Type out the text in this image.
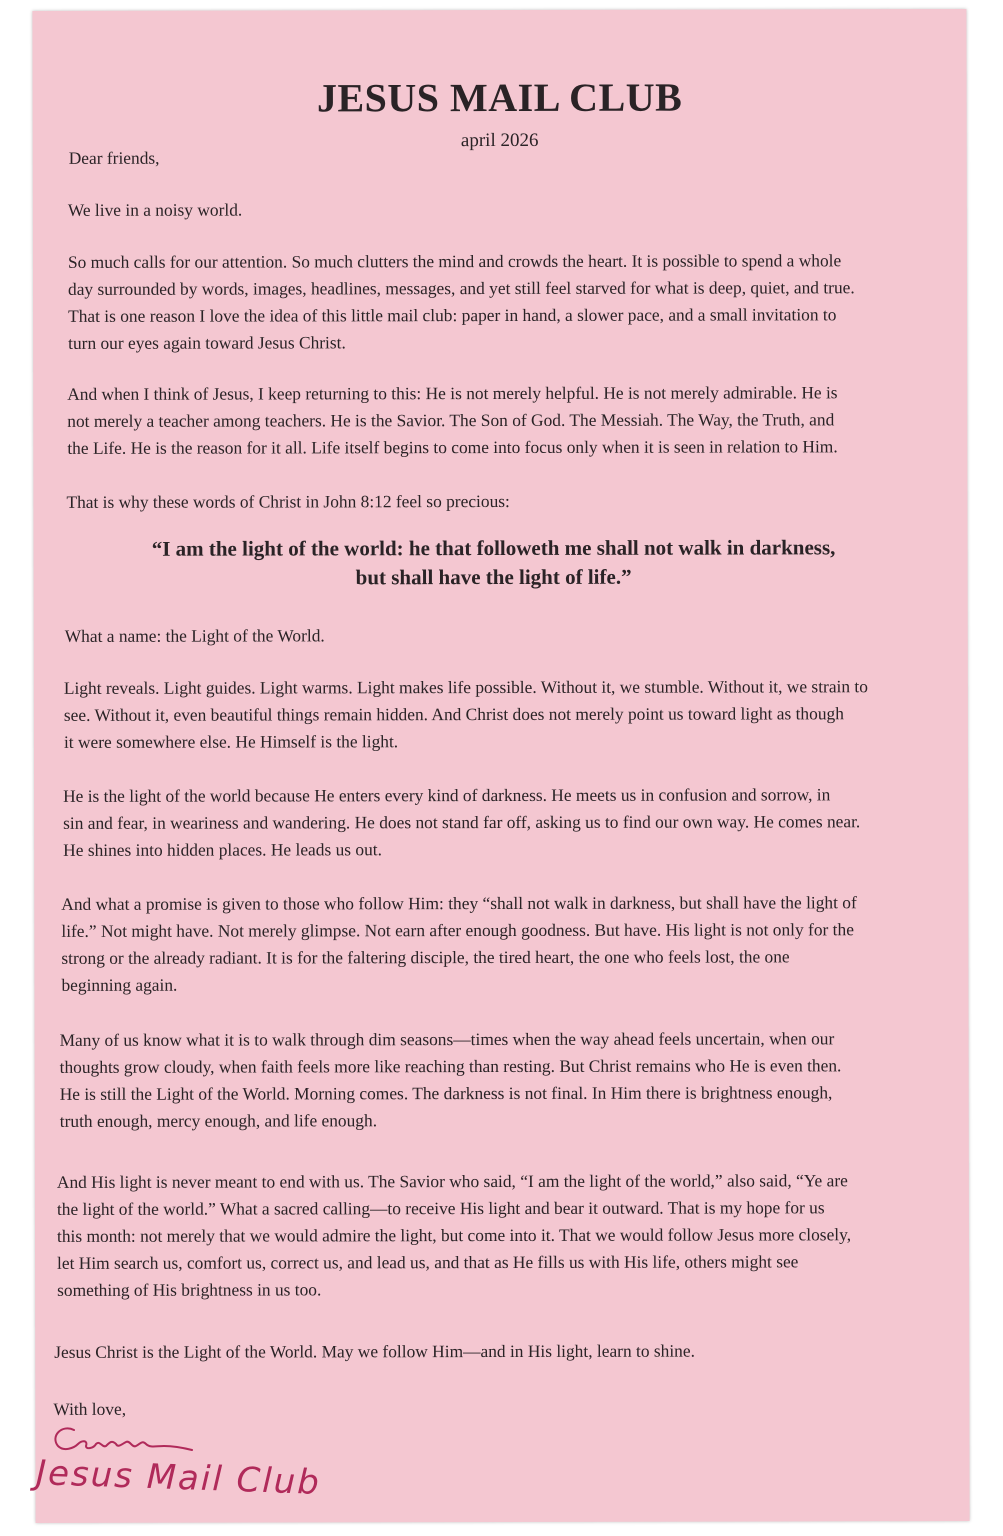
JESUS MAIL CLUB
april 2026

Dear friends,

We live in a noisy world.

So much calls for our attention. So much clutters the mind and crowds the heart. It is possible to spend a whole
day surrounded by words, images, headlines, messages, and yet still feel starved for what is deep, quiet, and true.
That is one reason I love the idea of this little mail club: paper in hand, a slower pace, and a small invitation to
turn our eyes again toward Jesus Christ.

And when I think of Jesus, I keep returning to this: He is not merely helpful. He is not merely admirable. He is
not merely a teacher among teachers. He is the Savior. The Son of God. The Messiah. The Way, the Truth, and
the Life. He is the reason for it all. Life itself begins to come into focus only when it is seen in relation to Him.

That is why these words of Christ in John 8:12 feel so precious:

“I am the light of the world: he that followeth me shall not walk in darkness,
but shall have the light of life.”

What a name: the Light of the World.

Light reveals. Light guides. Light warms. Light makes life possible. Without it, we stumble. Without it, we strain to
see. Without it, even beautiful things remain hidden. And Christ does not merely point us toward light as though
it were somewhere else. He Himself is the light.

He is the light of the world because He enters every kind of darkness. He meets us in confusion and sorrow, in
sin and fear, in weariness and wandering. He does not stand far off, asking us to find our own way. He comes near.
He shines into hidden places. He leads us out.

And what a promise is given to those who follow Him: they “shall not walk in darkness, but shall have the light of
life.” Not might have. Not merely glimpse. Not earn after enough goodness. But have. His light is not only for the
strong or the already radiant. It is for the faltering disciple, the tired heart, the one who feels lost, the one
beginning again.

Many of us know what it is to walk through dim seasons—times when the way ahead feels uncertain, when our
thoughts grow cloudy, when faith feels more like reaching than resting. But Christ remains who He is even then.
He is still the Light of the World. Morning comes. The darkness is not final. In Him there is brightness enough,
truth enough, mercy enough, and life enough.

And His light is never meant to end with us. The Savior who said, “I am the light of the world,” also said, “Ye are
the light of the world.” What a sacred calling—to receive His light and bear it outward. That is my hope for us
this month: not merely that we would admire the light, but come into it. That we would follow Jesus more closely,
let Him search us, comfort us, correct us, and lead us, and that as He fills us with His life, others might see
something of His brightness in us too.

Jesus Christ is the Light of the World. May we follow Him—and in His light, learn to shine.

With love,

Jesus Mail Club
